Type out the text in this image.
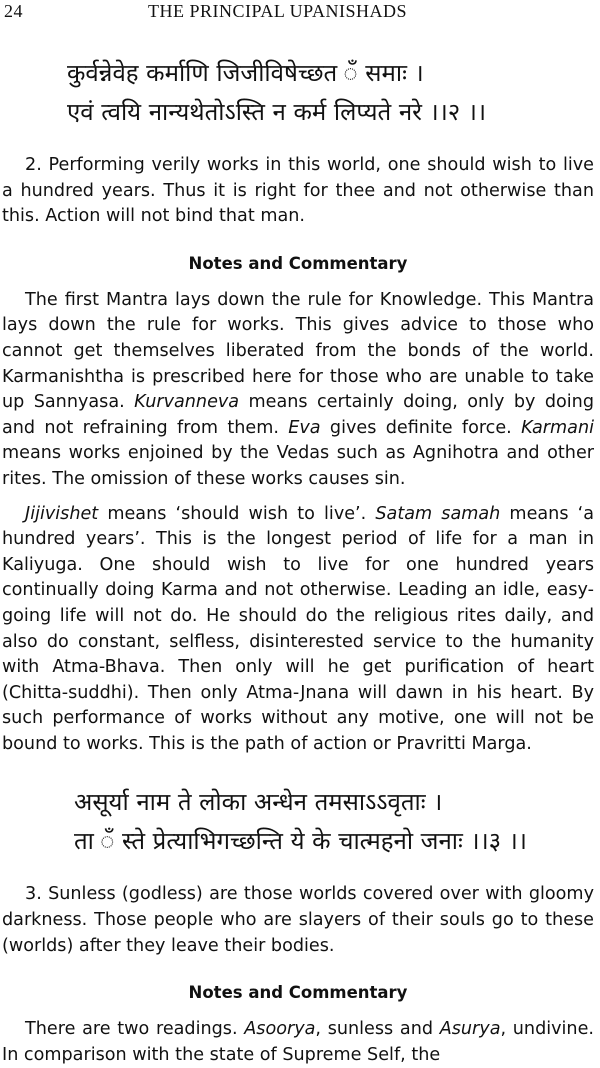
24	THE PRINCIPAL UPANISHADS

कुर्वन्नेवेह कर्माणि जिजीविषेच्छत ँ समाः ।

एवं त्वयि नान्यथेतोऽस्ति न कर्म लिप्यते नरे ।।२ ।।

2. Performing verily works in this world, one should wish to live a hundred years. Thus it is right for thee and not otherwise than this. Action will not bind that man.

Notes and Commentary

The first Mantra lays down the rule for Knowledge. This Mantra lays down the rule for works. This gives advice to those who cannot get themselves liberated from the bonds of the world. Karmanishtha is prescribed here for those who are unable to take up Sannyasa. Kurvanneva means certainly doing, only by doing and not refraining from them. Eva gives definite force. Karmani means works enjoined by the Vedas such as Agnihotra and other rites. The omission of these works causes sin.

Jijivishet means ‘should wish to live’. Satam samah means ‘a hundred years’. This is the longest period of life for a man in Kaliyuga. One should wish to live for one hundred years continually doing Karma and not otherwise. Leading an idle, easy-going life will not do. He should do the religious rites daily, and also do constant, selfless, disinterested service to the humanity with Atma-Bhava. Then only will he get purification of heart (Chitta-suddhi). Then only Atma-Jnana will dawn in his heart. By such performance of works without any motive, one will not be bound to works. This is the path of action or Pravritti Marga.

असूर्या नाम ते लोका अन्धेन तमसाऽऽवृताः ।

ता ँ स्ते प्रेत्याभिगच्छन्ति ये के चात्महनो जनाः ।।३ ।।

3. Sunless (godless) are those worlds covered over with gloomy darkness. Those people who are slayers of their souls go to these (worlds) after they leave their bodies.

Notes and Commentary

There are two readings. Asoorya, sunless and Asurya, undivine. In comparison with the state of Supreme Self, the
